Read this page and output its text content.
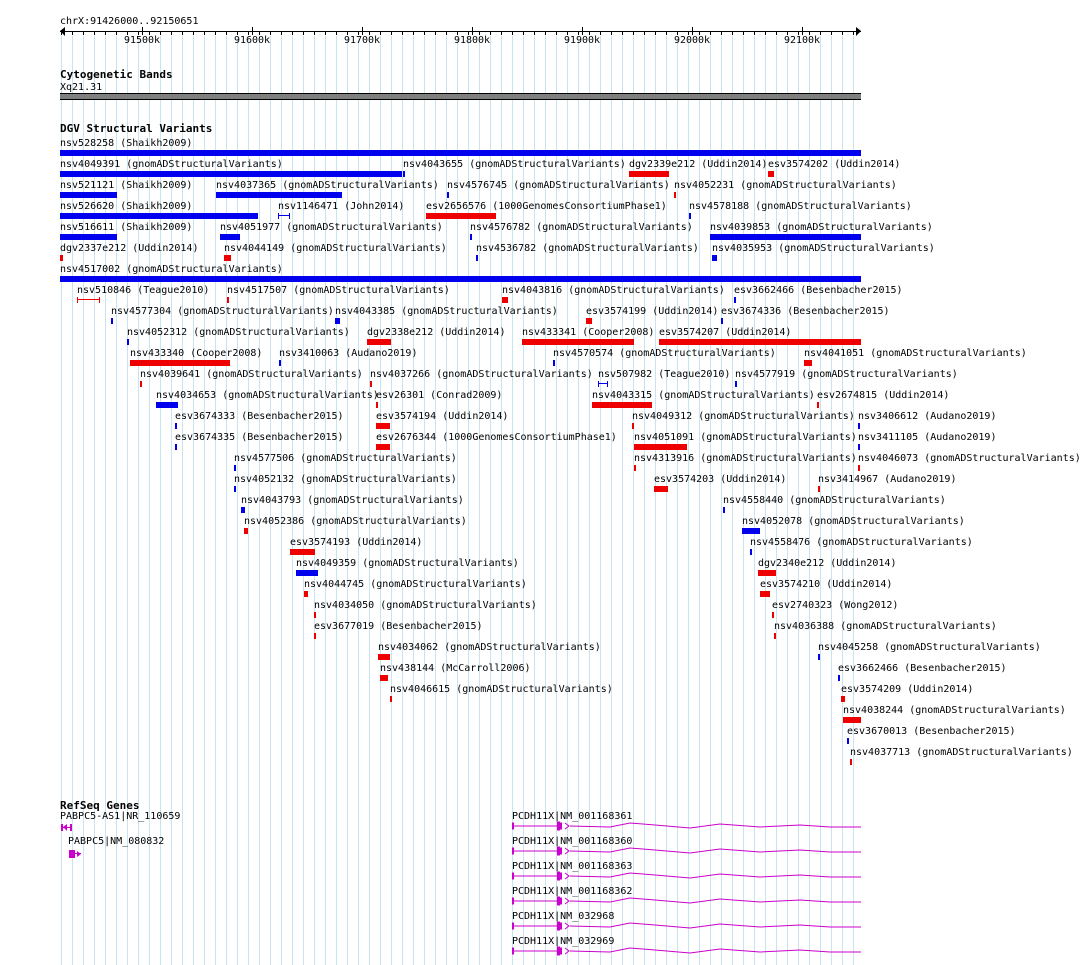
chrX:91426000..92150651
91500k	91600k	91700k	91800k	91900k	92000k	92100k
Cytogenetic Bands
Xq21.31
DGV Structural Variants
nsv528258 (Shaikh2009)
nsv4049391 (gnomADStructuralVariants)	nsv4043655 (gnomADStructuralVariants) dgv2339e212 (Uddin2014) esv3574202 (Uddin2014)
nsv521121 (Shaikh2009) nsv4037365 (gnomADStructuralVariants) nsv4576745 (gnomADStructuralVariants) nsv4052231 (gnomADStructuralVariants)
nsv526620 (Shaikh2009)	nsv1146471 (John2014) esv2656576 (1000GenomesConsortiumPhase1) nsv4578188 (gnomADStructuralVariants)
nsv516611 (Shaikh2009)	nsv4051977 (gnomADStructuralVariants)	nsv4576782 (gnomADStructuralVariants) nsv4039853 (gnomADStructuralVariants)
dgv2337e212 (Uddin2014)	nsv4044149 (gnomADStructuralVariants)	nsv4536782 (gnomADStructuralVariants) nsv4035953 (gnomADStructuralVariants)
nsv4517002 (gnomADStructuralVariants)
nsv510846 (Teague2010) nsv4517507 (gnomADStructuralVariants)	nsv4043816 (gnomADStructuralVariants) esv3662466 (Besenbacher2015)
nsv4577304 (gnomADStructuralVariants) nsv4043385 (gnomADStructuralVariants)	esv3574199 (Uddin2014) esv3674336 (Besenbacher2015)
nsv4052312 (gnomADStructuralVariants) dgv2338e212 (Uddin2014) nsv433341 (Cooper2008) esv3574207 (Uddin2014)
nsv433340 (Cooper2008) nsv3410063 (Audano2019)	nsv4570574 (gnomADStructuralVariants)	nsv4041051 (gnomADStructuralVariants)
nsv4039641 (gnomADStructuralVariants) nsv4037266 (gnomADStructuralVariants) nsv507982 (Teague2010) nsv4577919 (gnomADStructuralVariants)
nsv4034653 (gnomADStructuralVariants)
esv26301 (Conrad2009)	nsv4043315 (gnomADStructuralVariants) esv2674815 (Uddin2014)
esv3674333 (Besenbacher2015)	esv3574194 (Uddin2014)	nsv4049312 (gnomADStructuralVariants)
esv3674335 (Besenbacher2015)	esv2676344 (1000GenomesConsortiumPhase1) nsv4051091 (gnomADStructuralVariants)
nsv4577506 (gnomADStructuralVariants)	nsv4313916 (gnomADStructuralVariants)
nsv4052132 (gnomADStructuralVariants)	esv3574203 (Uddin2014)	nsv3414967 (Audano2019)
nsv4043793 (gnomADStructuralVariants)	nsv4558440 (gnomADStructuralVariants)
nsv4052386 (gnomADStructuralVariants)	nsv4052078 (gnomADStructuralVariants)
esv3574193 (Uddin2014)	nsv4558476 (gnomADStructuralVariants)
nsv4049359 (gnomADStructuralVariants)	dgv2340e212 (Uddin2014)
nsv4044745 (gnomADStructuralVariants)	esv3574210 (Uddin2014)
nsv4034050 (gnomADStructuralVariants)	esv2740323 (Wong2012)
esv3677019 (Besenbacher2015)	nsv4036388 (gnomADStructuralVariants)
nsv4034062 (gnomADStructuralVariants)	nsv4045258 (gnomADStructuralVariants)
nsv438144 (McCarroll2006)	esv3662466 (Besenbacher2015)
nsv4046615 (gnomADStructuralVariants)	esv3574209 (Uddin2014)
nsv4038244 (gnomADStructuralVariants)
esv3670013 (Besenbacher2015)
nsv4037713 (gnomADStructuralVariants)
nsv3406612 (Audano2019)
nsv3411105 (Audano2019)
nsv4046073 (gnomADStructuralVariants)
RefSeq Genes
PABPC5-AS1|NR_110659
PABPC5|NM_080832
PCDH11X|NM_001168361
PCDH11X|NM_001168360
PCDH11X|NM_001168363
PCDH11X|NM_001168362
PCDH11X|NM_032968
PCDH11X|NM_032969
